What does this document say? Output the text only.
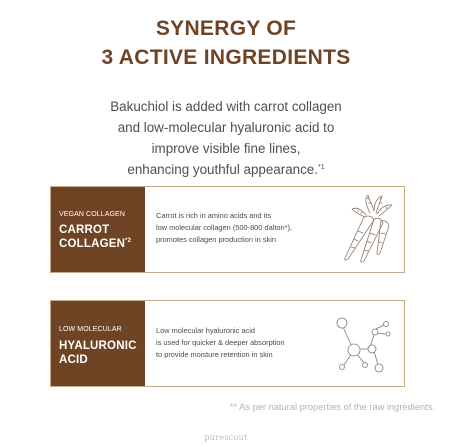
SYNERGY OF
3 ACTIVE INGREDIENTS
Bakuchiol is added with carrot collagen
and low-molecular hyaluronic acid to
improve visible fine lines,
enhancing youthful appearance.$^{*1}$
VEGAN COLLAGEN
CARROT
COLLAGEN$^{*2}$
Carrot is rich in amino acids and its
low molecular collagen (500-800 dalton*),
promotes collagen production in skin
LOW MOLECULAR
HYALURONIC
ACID
Low molecular hyaluronic acid
is used for quicker & deeper absorption
to provide moisture retention in skin
** As per natural properties of the raw ingredients.
purescout
